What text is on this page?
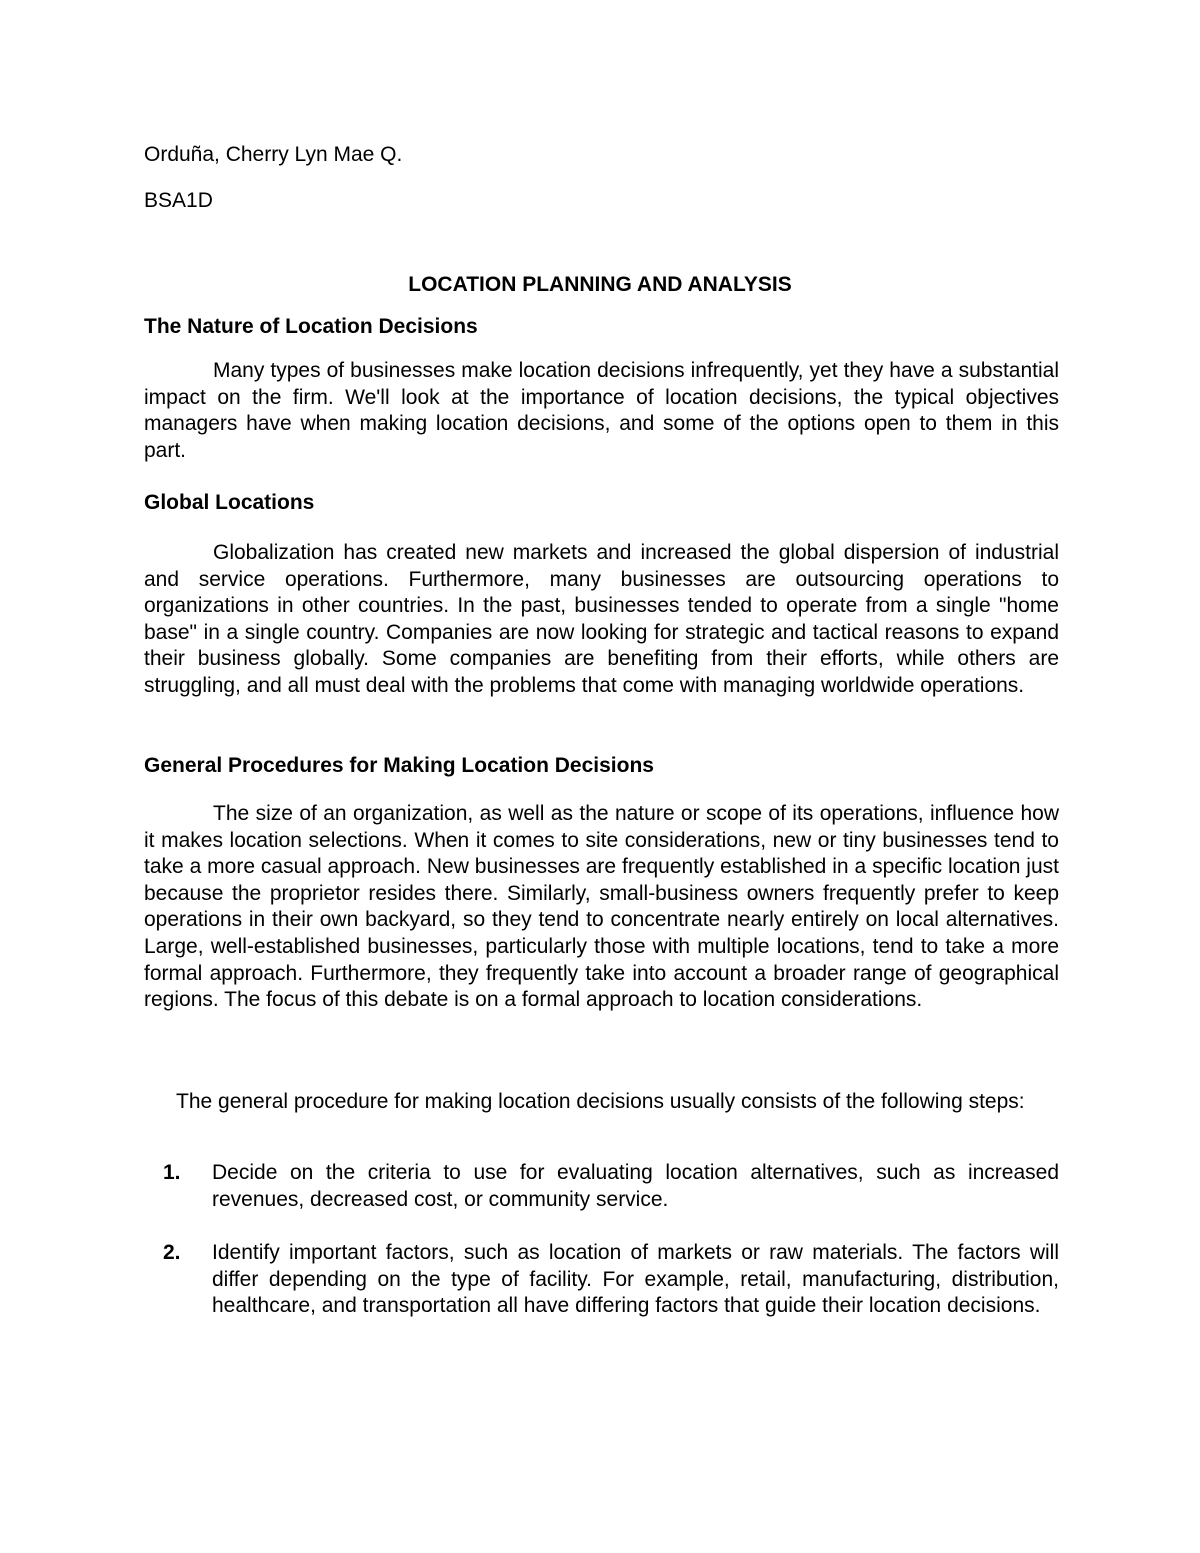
Orduña, Cherry Lyn Mae Q.

BSA1D

LOCATION PLANNING AND ANALYSIS

The Nature of Location Decisions

Many types of businesses make location decisions infrequently, yet they have a substantial impact on the firm. We'll look at the importance of location decisions, the typical objectives managers have when making location decisions, and some of the options open to them in this part.

Global Locations

Globalization has created new markets and increased the global dispersion of industrial and service operations. Furthermore, many businesses are outsourcing operations to organizations in other countries. In the past, businesses tended to operate from a single "home base" in a single country. Companies are now looking for strategic and tactical reasons to expand their business globally. Some companies are benefiting from their efforts, while others are struggling, and all must deal with the problems that come with managing worldwide operations.

General Procedures for Making Location Decisions

The size of an organization, as well as the nature or scope of its operations, influence how it makes location selections. When it comes to site considerations, new or tiny businesses tend to take a more casual approach. New businesses are frequently established in a specific location just because the proprietor resides there. Similarly, small-business owners frequently prefer to keep operations in their own backyard, so they tend to concentrate nearly entirely on local alternatives. Large, well-established businesses, particularly those with multiple locations, tend to take a more formal approach. Furthermore, they frequently take into account a broader range of geographical regions. The focus of this debate is on a formal approach to location considerations.

The general procedure for making location decisions usually consists of the following steps:

1. Decide on the criteria to use for evaluating location alternatives, such as increased revenues, decreased cost, or community service.

2. Identify important factors, such as location of markets or raw materials. The factors will differ depending on the type of facility. For example, retail, manufacturing, distribution, healthcare, and transportation all have differing factors that guide their location decisions.
